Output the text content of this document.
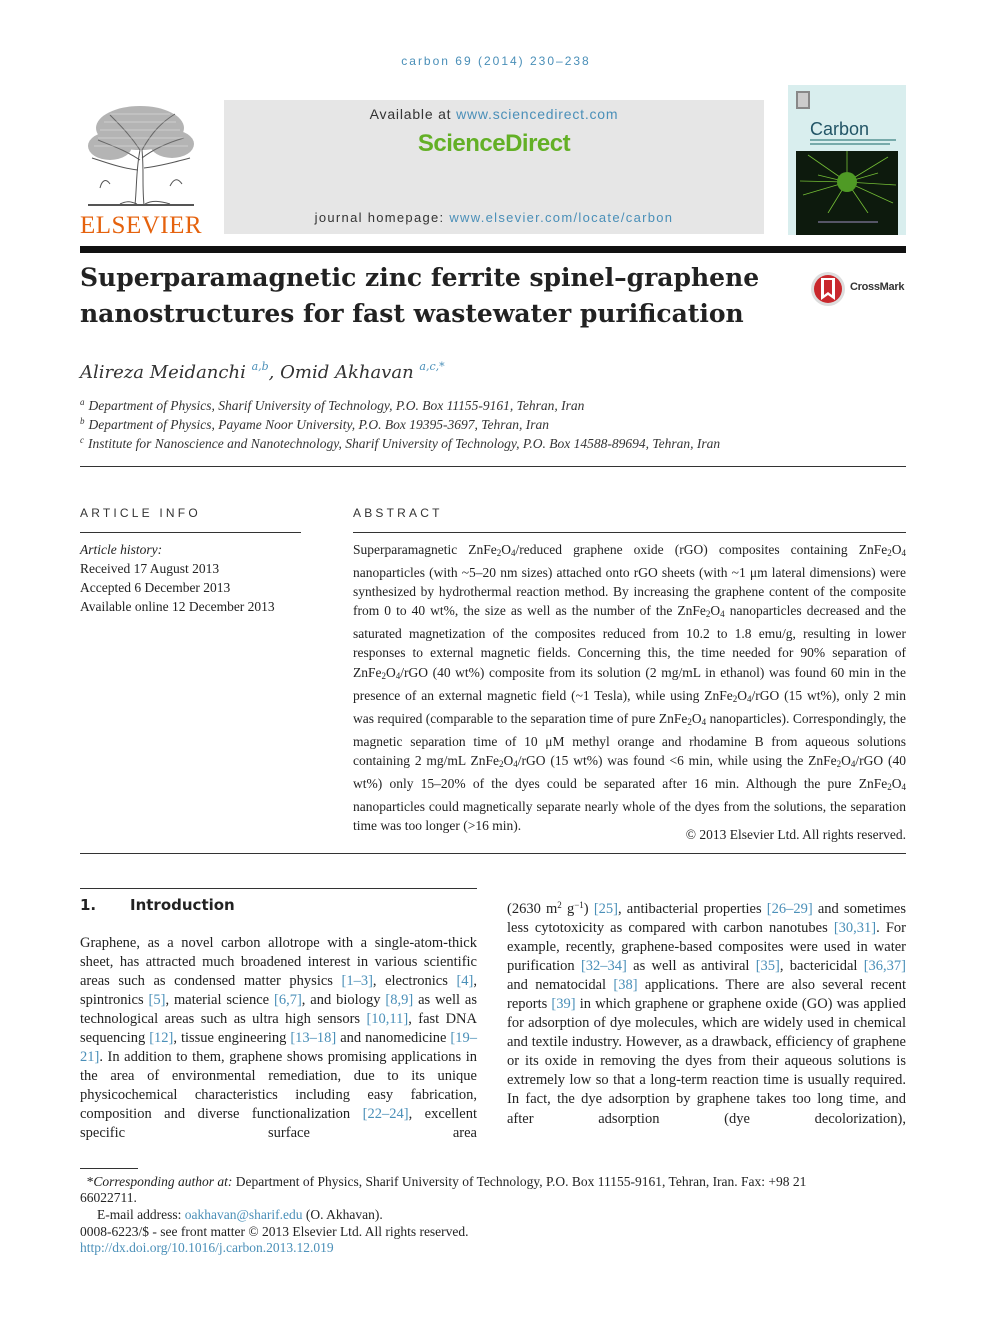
carbon 69 (2014) 230–238
ELSEVIER
Available at www.sciencedirect.com
ScienceDirect
journal homepage: www.elsevier.com/locate/carbon
Carbon
Superparamagnetic zinc ferrite spinel–graphene nanostructures for fast wastewater purification
CrossMark
Alireza Meidanchi $^{a,b}$, Omid Akhavan $^{a,c,*}$
$^a$ Department of Physics, Sharif University of Technology, P.O. Box 11155-9161, Tehran, Iran
$^b$ Department of Physics, Payame Noor University, P.O. Box 19395-3697, Tehran, Iran
$^c$ Institute for Nanoscience and Nanotechnology, Sharif University of Technology, P.O. Box 14588-89694, Tehran, Iran
ARTICLE INFO
Article history:
Received 17 August 2013
Accepted 6 December 2013
Available online 12 December 2013
ABSTRACT
Superparamagnetic $ZnFe_2O_4$/reduced graphene oxide (rGO) composites containing $ZnFe_2O_4$ nanoparticles (with ~5–20 nm sizes) attached onto rGO sheets (with ~1 μm lateral dimensions) were synthesized by hydrothermal reaction method. By increasing the graphene content of the composite from 0 to 40 wt%, the size as well as the number of the $ZnFe_2O_4$ nanoparticles decreased and the saturated magnetization of the composites reduced from 10.2 to 1.8 emu/g, resulting in lower responses to external magnetic fields. Concerning this, the time needed for 90% separation of $ZnFe_2O_4$/rGO (40 wt%) composite from its solution (2 mg/mL in ethanol) was found 60 min in the presence of an external magnetic field (~1 Tesla), while using $ZnFe_2O_4$/rGO (15 wt%), only 2 min was required (comparable to the separation time of pure $ZnFe_2O_4$ nanoparticles). Correspondingly, the magnetic separation time of 10 μM methyl orange and rhodamine B from aqueous solutions containing 2 mg/mL $ZnFe_2O_4$/rGO (15 wt%) was found <6 min, while using the $ZnFe_2O_4$/rGO (40 wt%) only 15–20% of the dyes could be separated after 16 min. Although the pure $ZnFe_2O_4$ nanoparticles could magnetically separate nearly whole of the dyes from the solutions, the separation time was too longer (>16 min).
© 2013 Elsevier Ltd. All rights reserved.
1. Introduction
Graphene, as a novel carbon allotrope with a single-atom-thick sheet, has attracted much broadened interest in various scientific areas such as condensed matter physics [1–3], electronics [4], spintronics [5], material science [6,7], and biology [8,9] as well as technological areas such as ultra high sensors [10,11], fast DNA sequencing [12], tissue engineering [13–18] and nanomedicine [19–21]. In addition to them, graphene shows promising applications in the area of environmental remediation, due to its unique physicochemical characteristics including easy fabrication, composition and diverse functionalization [22–24], excellent specific surface area
(2630 $m^2$ $g^{-1}$) [25], antibacterial properties [26–29] and sometimes less cytotoxicity as compared with carbon nanotubes [30,31]. For example, recently, graphene-based composites were used in water purification [32–34] as well as antiviral [35], bactericidal [36,37] and nematocidal [38] applications. There are also several recent reports [39] in which graphene or graphene oxide (GO) was applied for adsorption of dye molecules, which are widely used in chemical and textile industry. However, as a drawback, efficiency of graphene or its oxide in removing the dyes from their aqueous solutions is extremely low so that a long-term reaction time is usually required. In fact, the dye adsorption by graphene takes too long time, and after adsorption (dye decolorization),
* Corresponding author at: Department of Physics, Sharif University of Technology, P.O. Box 11155-9161, Tehran, Iran. Fax: +98 21
66022711.
E-mail address: oakhavan@sharif.edu (O. Akhavan).
0008-6223/$ - see front matter © 2013 Elsevier Ltd. All rights reserved.
http://dx.doi.org/10.1016/j.carbon.2013.12.019
